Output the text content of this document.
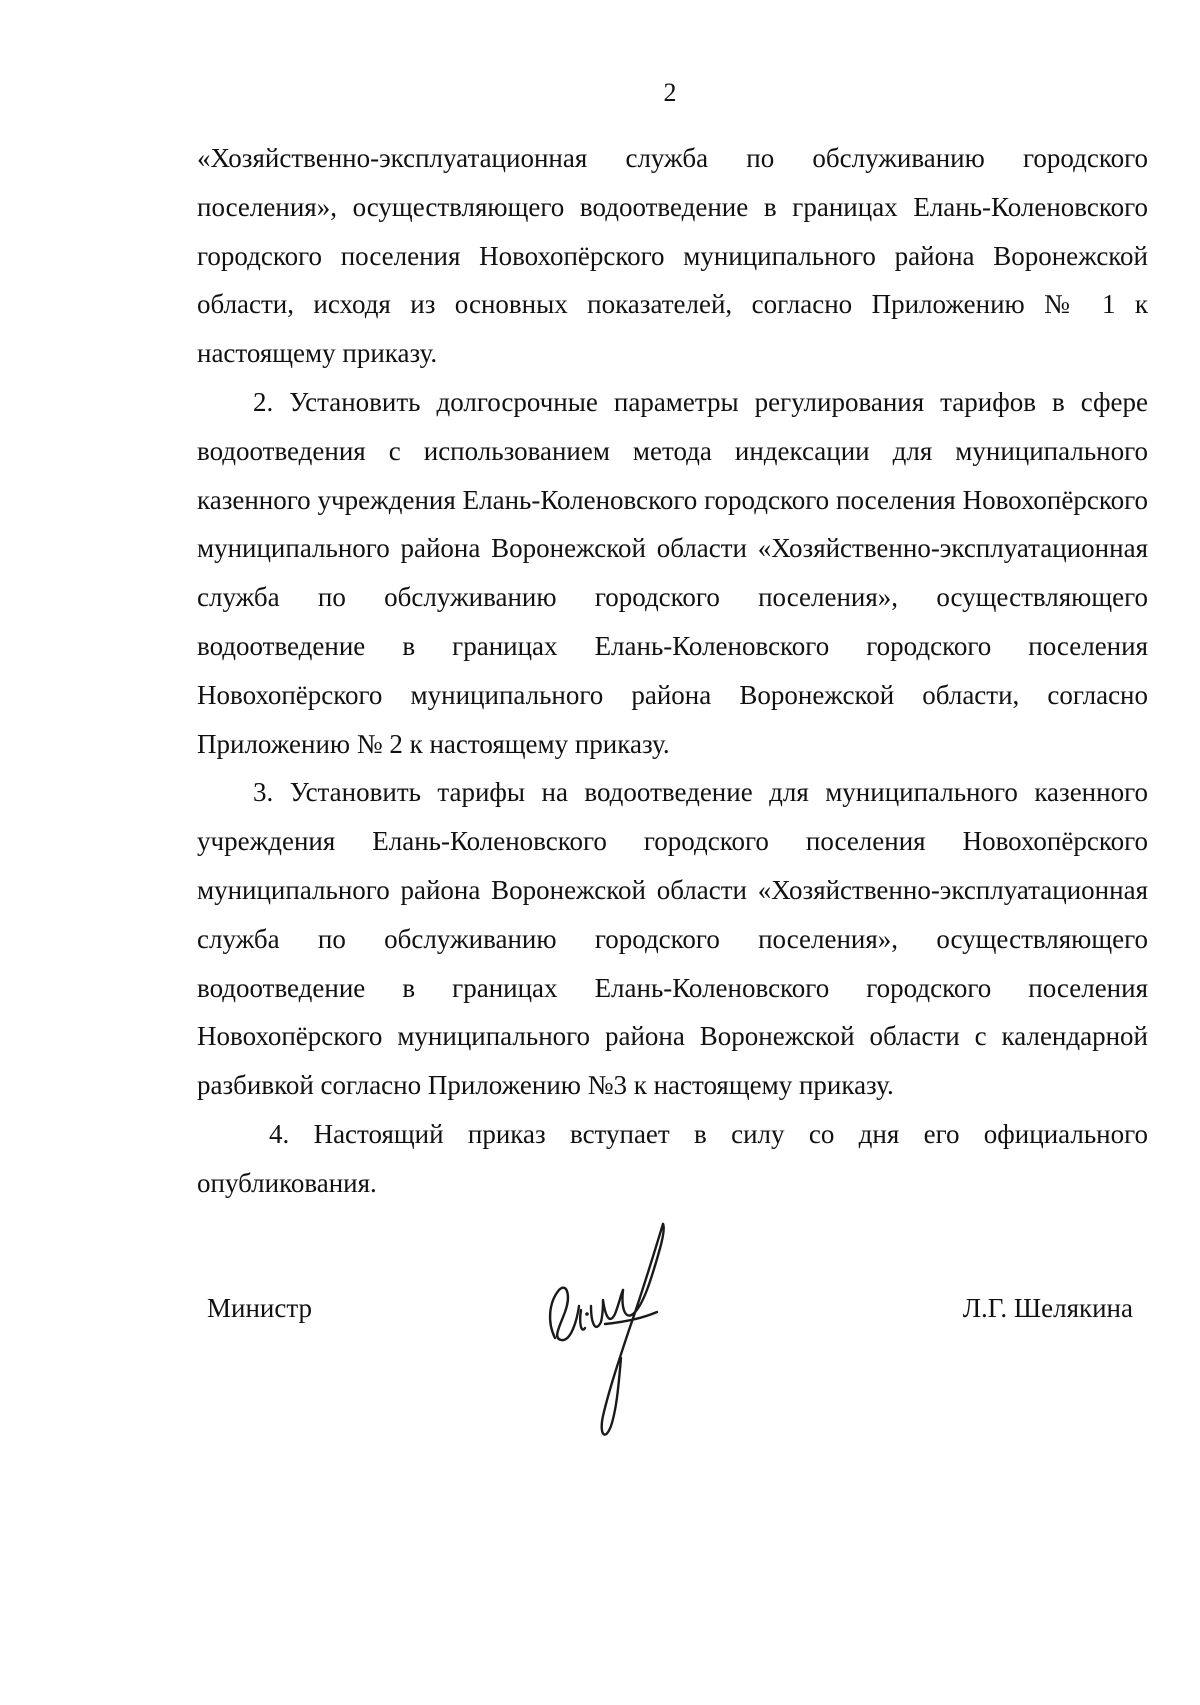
2

«Хозяйственно-эксплуатационная служба по обслуживанию городского поселения», осуществляющего водоотведение в границах Елань-Коленовского городского поселения Новохопёрского муниципального района Воронежской области, исходя из основных показателей, согласно Приложению № 1 к настоящему приказу.

2. Установить долгосрочные параметры регулирования тарифов в сфере водоотведения с использованием метода индексации для муниципального казенного учреждения Елань-Коленовского городского поселения Новохопёрского муниципального района Воронежской области «Хозяйственно-эксплуатационная служба по обслуживанию городского поселения», осуществляющего водоотведение в границах Елань-Коленовского городского поселения Новохопёрского муниципального района Воронежской области, согласно Приложению № 2 к настоящему приказу.

3. Установить тарифы на водоотведение для муниципального казенного учреждения Елань-Коленовского городского поселения Новохопёрского муниципального района Воронежской области «Хозяйственно-эксплуатационная служба по обслуживанию городского поселения», осуществляющего водоотведение в границах Елань-Коленовского городского поселения Новохопёрского муниципального района Воронежской области с календарной разбивкой согласно Приложению №3 к настоящему приказу.

4. Настоящий приказ вступает в силу со дня его официального опубликования.

Министр	Л.Г. Шелякина
